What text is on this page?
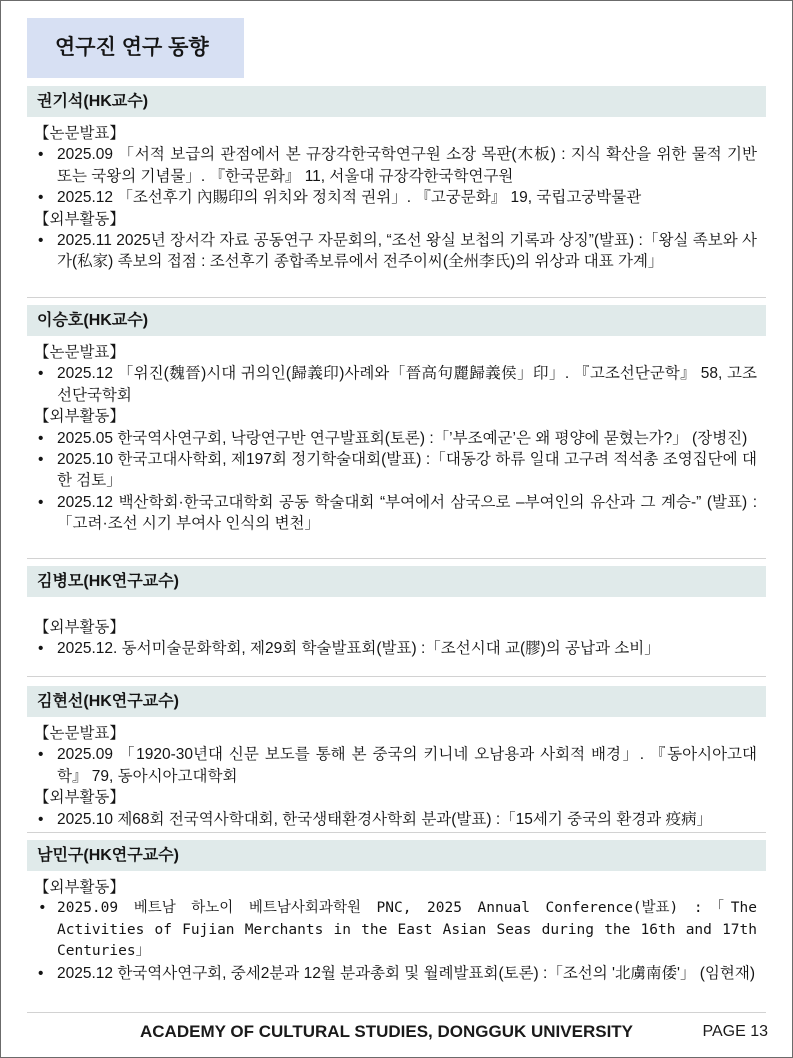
연구진 연구 동향
권기석(HK교수)
【논문발표】
• 2025.09 「서적 보급의 관점에서 본 규장각한국학연구원 소장 목판(木板) : 지식 확산을 위한 물적 기반 또는 국왕의 기념물」. 『한국문화』 11, 서울대 규장각한국학연구원
• 2025.12 「조선후기 內賜印의 위치와 정치적 권위」. 『고궁문화』 19, 국립고궁박물관
【외부활동】
• 2025.11 2025년 장서각 자료 공동연구 자문회의, “조선 왕실 보첩의 기록과 상징”(발표) :「왕실 족보와 사가(私家) 족보의 접점 : 조선후기 종합족보류에서 전주이씨(全州李氏)의 위상과 대표 가계」
이승호(HK교수)
【논문발표】
• 2025.12 「위진(魏晉)시대 귀의인(歸義印)사례와「晉高句麗歸義侯」印」. 『고조선단군학』 58, 고조선단국학회
【외부활동】
• 2025.05 한국역사연구회, 낙랑연구반 연구발표회(토론) :「’부조예군’은 왜 평양에 묻혔는가?」 (장병진)
• 2025.10 한국고대사학회, 제197회 정기학술대회(발표) :「대동강 하류 일대 고구려 적석총 조영집단에 대한 검토」
• 2025.12 백산학회·한국고대학회 공동 학술대회 “부여에서 삼국으로 –부여인의 유산과 그 계승-” (발표) :「고려·조선 시기 부여사 인식의 변천」
김병모(HK연구교수)
【외부활동】
• 2025.12. 동서미술문화학회, 제29회 학술발표회(발표) :「조선시대 교(膠)의 공납과 소비」
김현선(HK연구교수)
【논문발표】
• 2025.09 「1920-30년대 신문 보도를 통해 본 중국의 키니네 오남용과 사회적 배경」. 『동아시아고대학』 79, 동아시아고대학회
【외부활동】
• 2025.10 제68회 전국역사학대회, 한국생태환경사학회 분과(발표) :「15세기 중국의 환경과 疫病」
남민구(HK연구교수)
【외부활동】
• 2025.09 베트남 하노이 베트남사회과학원 PNC, 2025 Annual Conference(발표) :「The Activities of Fujian Merchants in the East Asian Seas during the 16th and 17th Centuries」
• 2025.12 한국역사연구회, 중세2분과 12월 분과총회 및 월례발표회(토론) :「조선의 '北虜南倭'」 (임현재)
ACADEMY OF CULTURAL STUDIES, DONGGUK UNIVERSITY	PAGE 13
